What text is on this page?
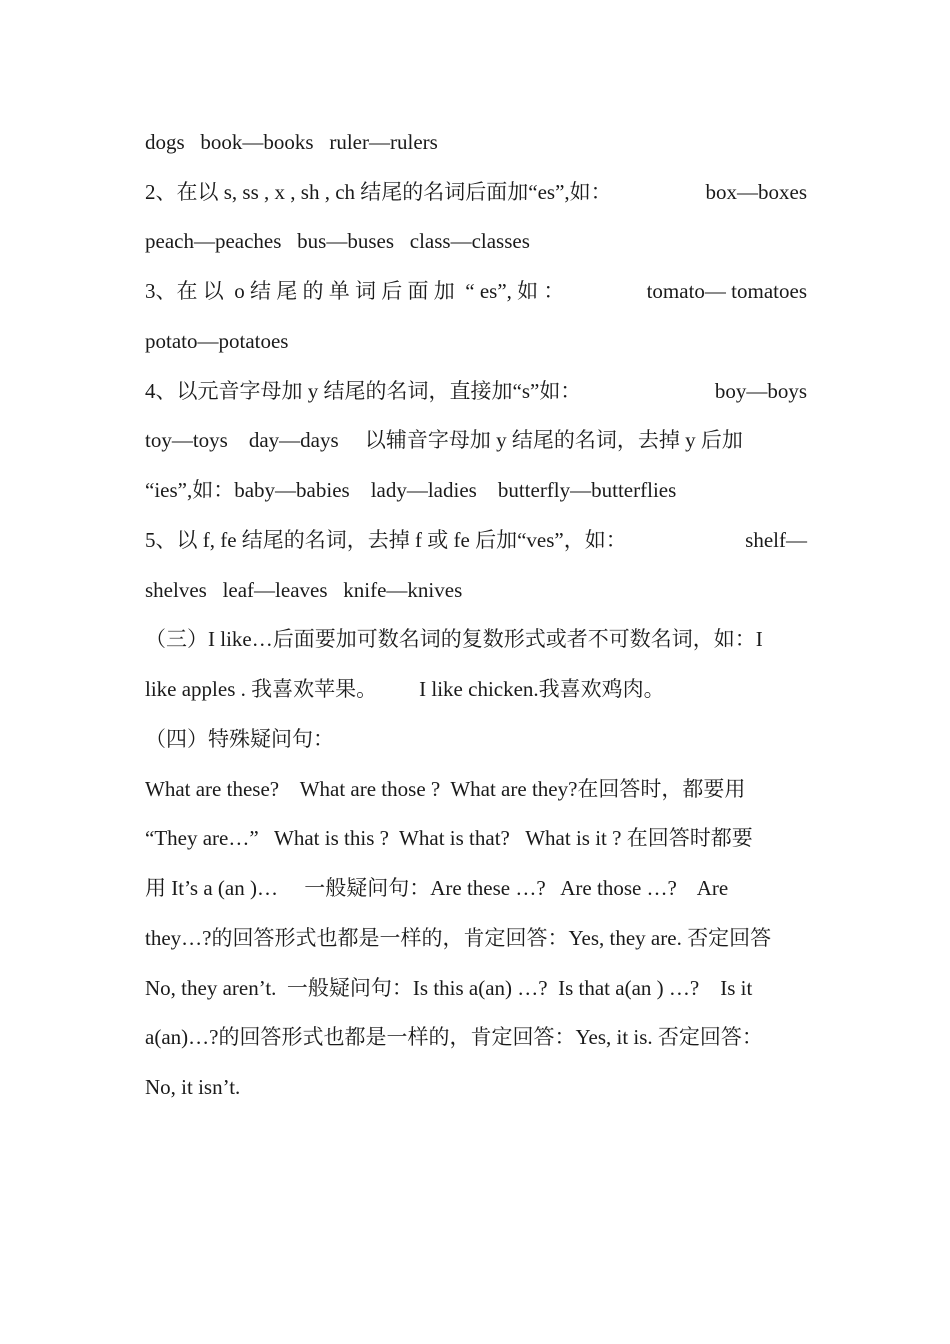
dogs   book—books   ruler—rulers
2、在以 s, ss , x , sh , ch 结尾的名词后面加“es”,如：	box—boxes
peach—peaches   bus—buses   class—classes
3、在 以  o 结 尾 的 单 词 后 面 加  “ es”, 如 ：	tomato— tomatoes
potato—potatoes
4、以元音字母加 y 结尾的名词，直接加“s”如：	boy—boys
toy—toys    day—days     以辅音字母加 y 结尾的名词，去掉 y 后加
“ies”,如：baby—babies    lady—ladies    butterfly—butterflies
5、以 f, fe 结尾的名词，去掉 f 或 fe 后加“ves”，如：	shelf—
shelves   leaf—leaves   knife—knives
（三）I like…后面要加可数名词的复数形式或者不可数名词，如：I
like apples . 我喜欢苹果。        I like chicken.我喜欢鸡肉。
（四）特殊疑问句：
What are these?    What are those ?  What are they?在回答时，都要用
“They are…”   What is this ?  What is that?   What is it ? 在回答时都要
用 It’s a (an )…     一般疑问句：Are these …?   Are those …?    Are
they…?的回答形式也都是一样的，肯定回答：Yes, they are. 否定回答
No, they aren’t.  一般疑问句：Is this a(an) …?  Is that a(an ) …?    Is it
a(an)…?的回答形式也都是一样的，肯定回答：Yes, it is. 否定回答：
No, it isn’t.
